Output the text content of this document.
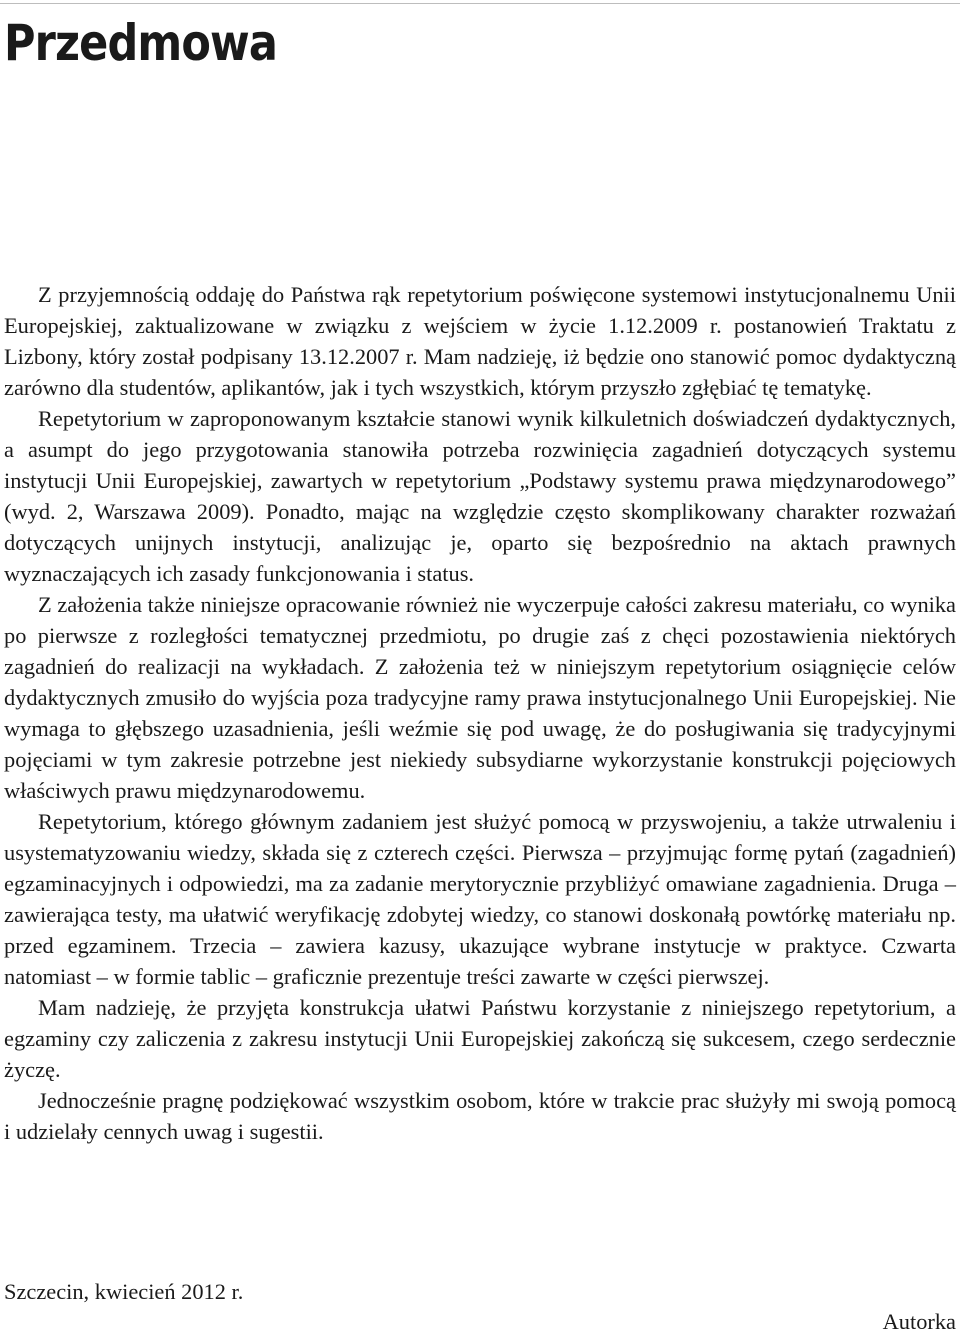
Przedmowa

Z przyjemnością oddaję do Państwa rąk repetytorium poświęcone systemowi instytucjonalnemu Unii Europejskiej, zaktualizowane w związku z wejściem w życie 1.12.2009 r. postanowień Traktatu z Lizbony, który został podpisany 13.12.2007 r. Mam nadzieję, iż będzie ono stanowić pomoc dydaktyczną zarówno dla studentów, aplikantów, jak i tych wszystkich, którym przyszło zgłębiać tę tematykę.

Repetytorium w zaproponowanym kształcie stanowi wynik kilkuletnich doświadczeń dydaktycznych, a asumpt do jego przygotowania stanowiła potrzeba rozwinięcia zagadnień dotyczących systemu instytucji Unii Europejskiej, zawartych w repetytorium „Podstawy systemu prawa międzynarodowego” (wyd. 2, Warszawa 2009). Ponadto, mając na względzie często skomplikowany charakter rozważań dotyczących unijnych instytucji, analizując je, oparto się bezpośrednio na aktach prawnych wyznaczających ich zasady funkcjonowania i status.

Z założenia także niniejsze opracowanie również nie wyczerpuje całości zakresu materiału, co wynika po pierwsze z rozległości tematycznej przedmiotu, po drugie zaś z chęci pozostawienia niektórych zagadnień do realizacji na wykładach. Z założenia też w niniejszym repetytorium osiągnięcie celów dydaktycznych zmusiło do wyjścia poza tradycyjne ramy prawa instytucjonalnego Unii Europejskiej. Nie wymaga to głębszego uzasadnienia, jeśli weźmie się pod uwagę, że do posługiwania się tradycyjnymi pojęciami w tym zakresie potrzebne jest niekiedy subsydiarne wykorzystanie konstrukcji pojęciowych właściwych prawu międzynarodowemu.

Repetytorium, którego głównym zadaniem jest służyć pomocą w przyswojeniu, a także utrwaleniu i usystematyzowaniu wiedzy, składa się z czterech części. Pierwsza – przyjmując formę pytań (zagadnień) egzaminacyjnych i odpowiedzi, ma za zadanie merytorycznie przybliżyć omawiane zagadnienia. Druga – zawierająca testy, ma ułatwić weryfikację zdobytej wiedzy, co stanowi doskonałą powtórkę materiału np. przed egzaminem. Trzecia – zawiera kazusy, ukazujące wybrane instytucje w praktyce. Czwarta natomiast – w formie tablic – graficznie prezentuje treści zawarte w części pierwszej.

Mam nadzieję, że przyjęta konstrukcja ułatwi Państwu korzystanie z niniejszego repetytorium, a egzaminy czy zaliczenia z zakresu instytucji Unii Europejskiej zakończą się sukcesem, czego serdecznie życzę.

Jednocześnie pragnę podziękować wszystkim osobom, które w trakcie prac służyły mi swoją pomocą i udzielały cennych uwag i sugestii.

Szczecin, kwiecień 2012 r.
Autorka
